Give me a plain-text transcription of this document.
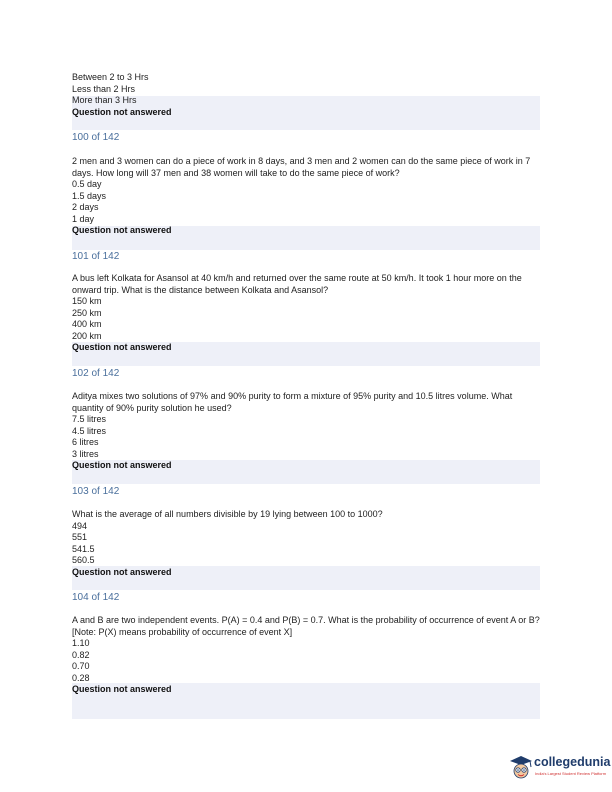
Between 2 to 3 Hrs
Less than 2 Hrs
More than 3 Hrs
Question not answered
100 of 142
2 men and 3 women can do a piece of work in 8 days, and 3 men and 2 women can do the same piece of work in 7 days. How long will 37 men and 38 women will take to do the same piece of work?
0.5 day
1.5 days
2 days
1 day
Question not answered
101 of 142
A bus left Kolkata for Asansol at 40 km/h and returned over the same route at 50 km/h. It took 1 hour more on the onward trip. What is the distance between Kolkata and Asansol?
150 km
250 km
400 km
200 km
Question not answered
102 of 142
Aditya mixes two solutions of 97% and 90% purity to form a mixture of 95% purity and 10.5 litres volume. What quantity of 90% purity solution he used?
7.5 litres
4.5 litres
6 litres
3 litres
Question not answered
103 of 142
What is the average of all numbers divisible by 19 lying between 100 to 1000?
494
551
541.5
560.5
Question not answered
104 of 142
A and B are two independent events. P(A) = 0.4 and P(B) = 0.7. What is the probability of occurrence of event A or B? [Note: P(X) means probability of occurrence of event X]
1.10
0.82
0.70
0.28
Question not answered
collegedunia
India's Largest Student Review Platform
